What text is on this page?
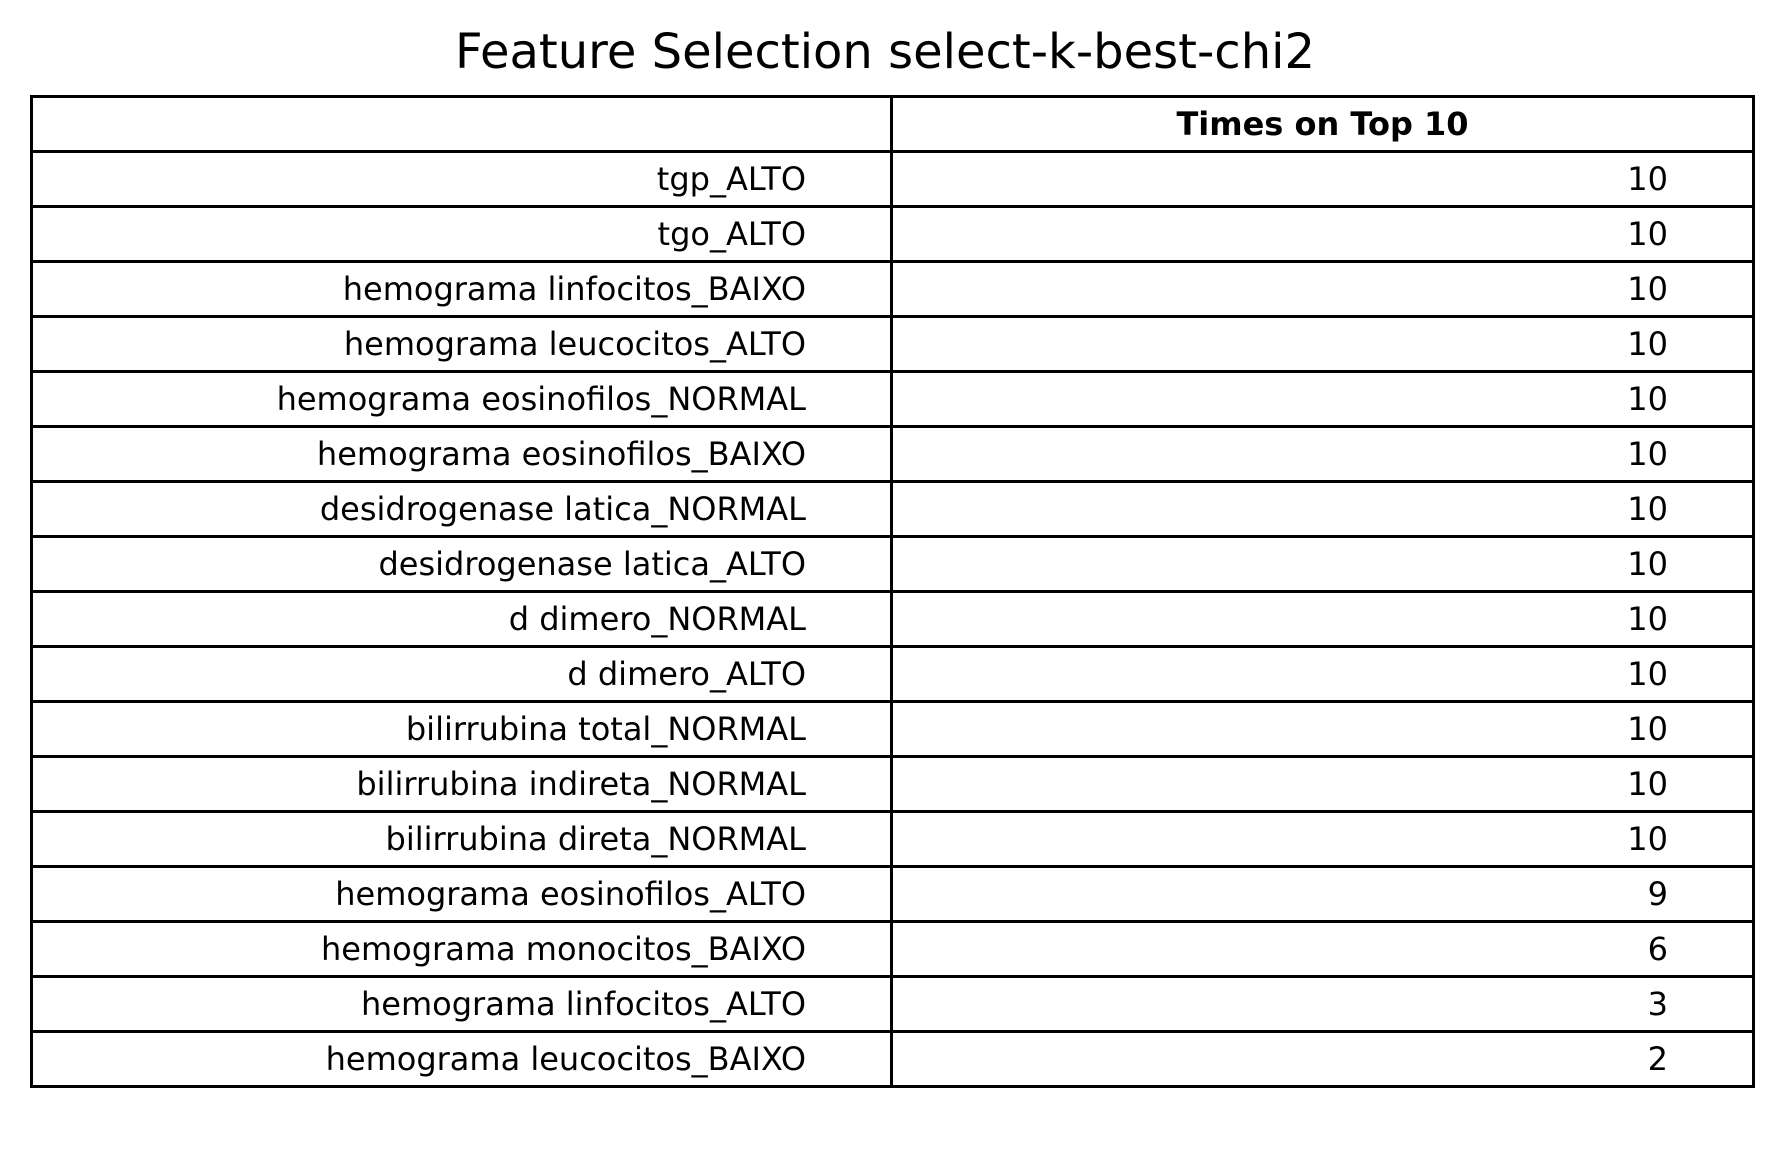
Feature Selection select-k-best-chi2
	Times on Top 10
tgp_ALTO	10
tgo_ALTO	10
hemograma linfocitos_BAIXO	10
hemograma leucocitos_ALTO	10
hemograma eosinofilos_NORMAL	10
hemograma eosinofilos_BAIXO	10
desidrogenase latica_NORMAL	10
desidrogenase latica_ALTO	10
d dimero_NORMAL	10
d dimero_ALTO	10
bilirrubina total_NORMAL	10
bilirrubina indireta_NORMAL	10
bilirrubina direta_NORMAL	10
hemograma eosinofilos_ALTO	9
hemograma monocitos_BAIXO	6
hemograma linfocitos_ALTO	3
hemograma leucocitos_BAIXO	2
